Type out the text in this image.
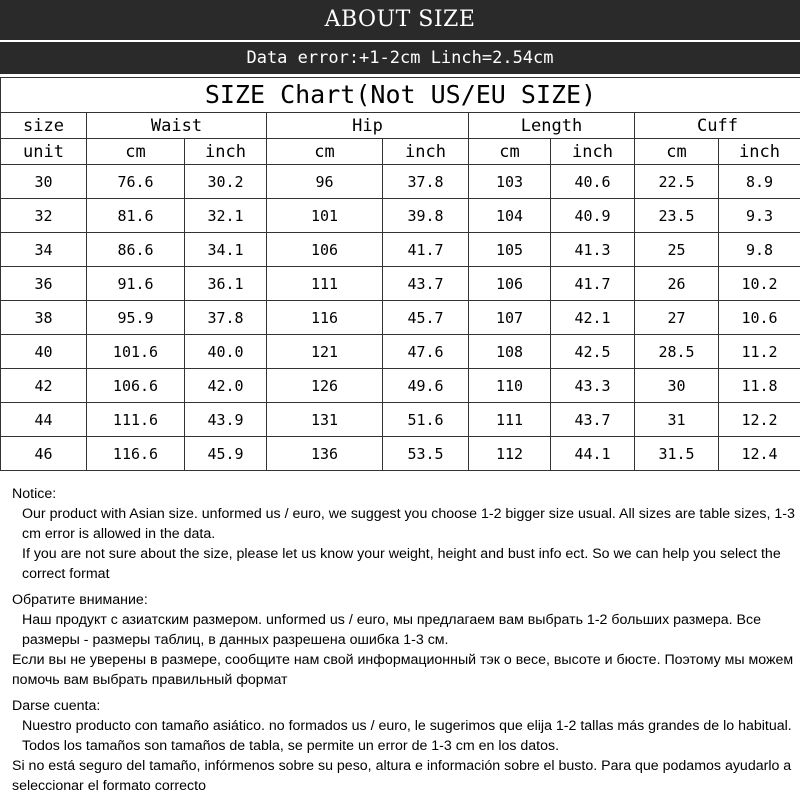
ABOUT SIZE
Data error:+1-2cm Linch=2.54cm
SIZE Chart(Not US/EU SIZE)								
size	Waist		Hip		Length		Cuff	
unit	cm	inch	cm	inch	cm	inch	cm	inch
30	76.6	30.2	96	37.8	103	40.6	22.5	8.9
32	81.6	32.1	101	39.8	104	40.9	23.5	9.3
34	86.6	34.1	106	41.7	105	41.3	25	9.8
36	91.6	36.1	111	43.7	106	41.7	26	10.2
38	95.9	37.8	116	45.7	107	42.1	27	10.6
40	101.6	40.0	121	47.6	108	42.5	28.5	11.2
42	106.6	42.0	126	49.6	110	43.3	30	11.8
44	111.6	43.9	131	51.6	111	43.7	31	12.2
46	116.6	45.9	136	53.5	112	44.1	31.5	12.4

Notice:

Our product with Asian size. unformed us / euro, we suggest you choose 1-2 bigger size usual. All sizes are table sizes, 1-3 cm error is allowed in the data.

If you are not sure about the size, please let us know your weight, height and bust info ect. So we can help you select the correct format

Обратите внимание:

Наш продукт с азиатским размером. unformed us / euro, мы предлагаем вам выбрать 1-2 больших размера. Все размеры - размеры таблиц, в данных разрешена ошибка 1-3 см.

Если вы не уверены в размере, сообщите нам свой информационный тэк о весе, высоте и бюсте. Поэтому мы можем помочь вам выбрать правильный формат

Darse cuenta:

Nuestro producto con tamaño asiático. no formados us / euro, le sugerimos que elija 1-2 tallas más grandes de lo habitual. Todos los tamaños son tamaños de tabla, se permite un error de 1-3 cm en los datos.

Si no está seguro del tamaño, infórmenos sobre su peso, altura e información sobre el busto. Para que podamos ayudarlo a seleccionar el formato correcto
